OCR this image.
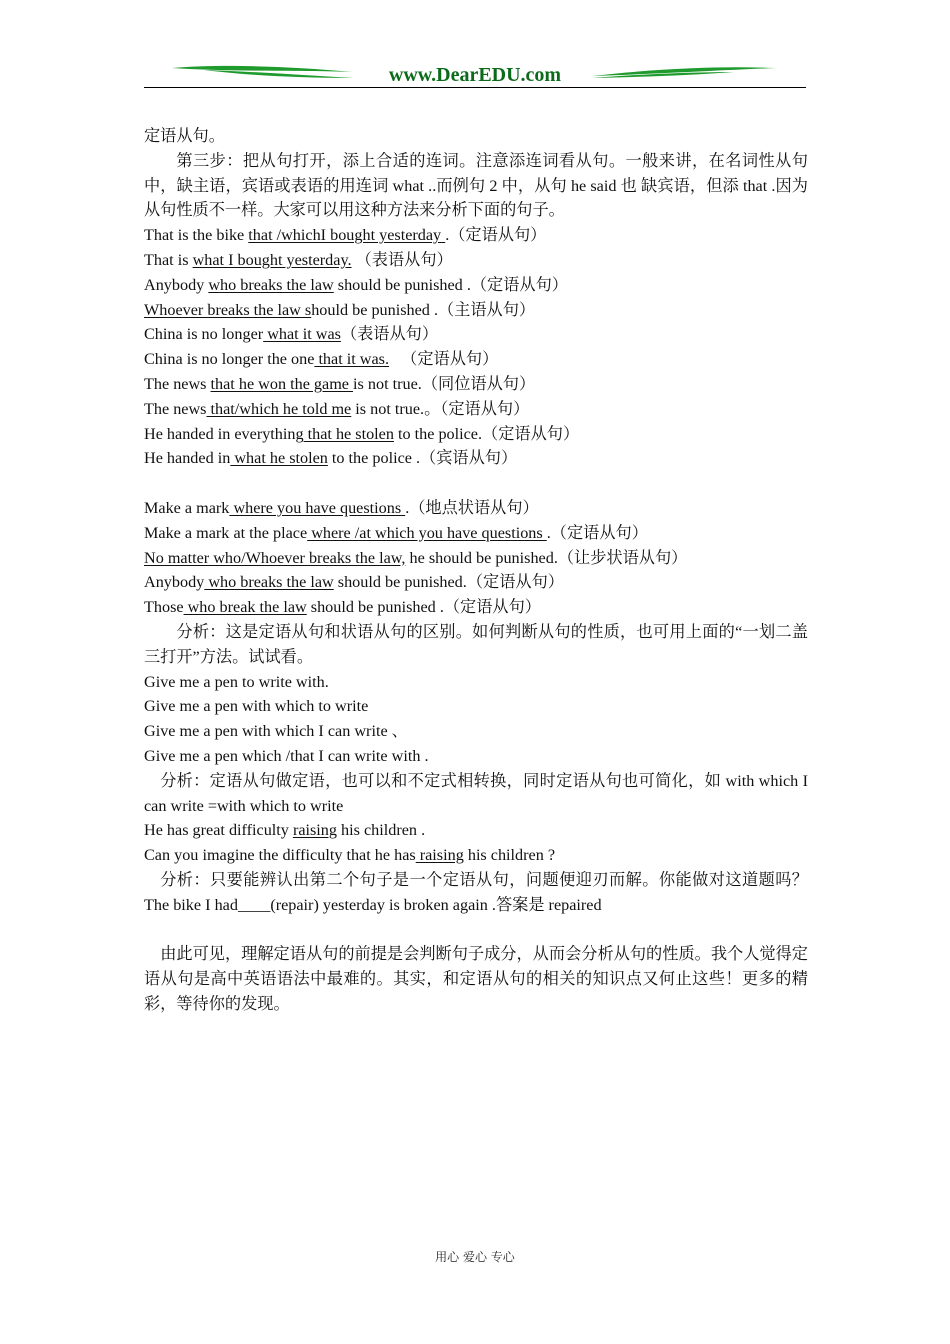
www.DearEDU.com

定语从句。

第三步：把从句打开，添上合适的连词。注意添连词看从句。一般来讲，在名词性从句中，缺主语，宾语或表语的用连词 what ..而例句 2 中，从句 he said 也 缺宾语，但添 that .因为从句性质不一样。大家可以用这种方法来分析下面的句子。

That is the bike that /whichI bought yesterday .（定语从句）

That is what I bought yesterday. （表语从句）

Anybody who breaks the law should be punished .（定语从句）

Whoever breaks the law should be punished .（主语从句）

China is no longer what it was（表语从句）

China is no longer the one that it was.   （定语从句）

The news that he won the game is not true.（同位语从句）

The news that/which he told me is not true.。（定语从句）

He handed in everything that he stolen to the police.（定语从句）

He handed in what he stolen to the police .（宾语从句）

Make a mark where you have questions .（地点状语从句）

Make a mark at the place where /at which you have questions .（定语从句）

No matter who/Whoever breaks the law, he should be punished.（让步状语从句）

Anybody who breaks the law should be punished.（定语从句）

Those who break the law should be punished .（定语从句）

分析：这是定语从句和状语从句的区别。如何判断从句的性质，也可用上面的“一划二盖三打开”方法。试试看。

Give me a pen to write with.

Give me a pen with which to write

Give me a pen with which I can write 、

Give me a pen which /that I can write with .

分析：定语从句做定语，也可以和不定式相转换，同时定语从句也可简化，如 with which I can write =with which to write

He has great difficulty raising his children .

Can you imagine the difficulty that he has raising his children ?

分析：只要能辨认出第二个句子是一个定语从句，问题便迎刃而解。你能做对这道题吗？The bike I had____(repair) yesterday is broken again .答案是 repaired

由此可见，理解定语从句的前提是会判断句子成分，从而会分析从句的性质。我个人觉得定语从句是高中英语语法中最难的。其实，和定语从句的相关的知识点又何止这些！更多的精彩，等待你的发现。

用心 爱心 专心
